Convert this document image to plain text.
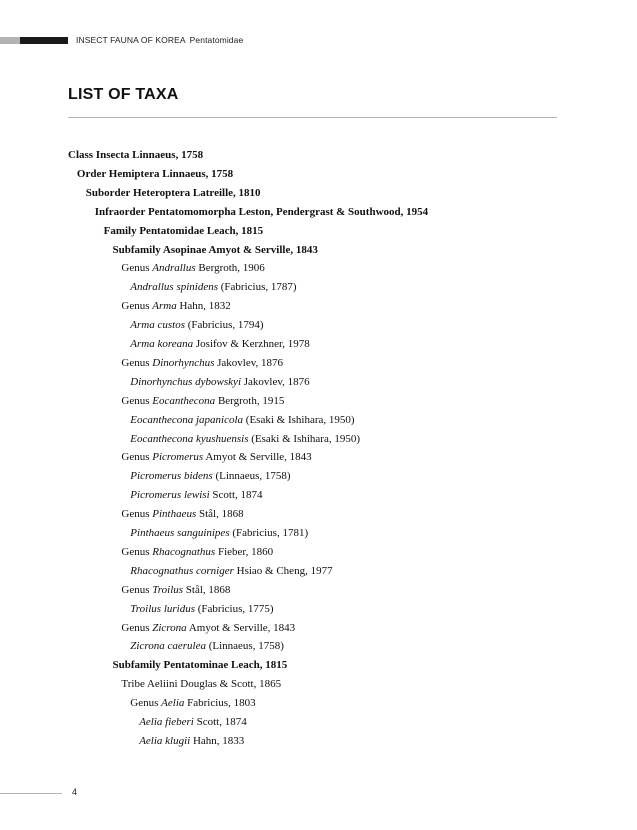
INSECT FAUNA OF KOREA Pentatomidae
LIST OF TAXA
Class Insecta Linnaeus, 1758
Order Hemiptera Linnaeus, 1758
Suborder Heteroptera Latreille, 1810
Infraorder Pentatomomorpha Leston, Pendergrast & Southwood, 1954
Family Pentatomidae Leach, 1815
Subfamily Asopinae Amyot & Serville, 1843
Genus Andrallus Bergroth, 1906
Andrallus spinidens (Fabricius, 1787)
Genus Arma Hahn, 1832
Arma custos (Fabricius, 1794)
Arma koreana Josifov & Kerzhner, 1978
Genus Dinorhynchus Jakovlev, 1876
Dinorhynchus dybowskyi Jakovlev, 1876
Genus Eocanthecona Bergroth, 1915
Eocanthecona japanicola (Esaki & Ishihara, 1950)
Eocanthecona kyushuensis (Esaki & Ishihara, 1950)
Genus Picromerus Amyot & Serville, 1843
Picromerus bidens (Linnaeus, 1758)
Picromerus lewisi Scott, 1874
Genus Pinthaeus Stål, 1868
Pinthaeus sanguinipes (Fabricius, 1781)
Genus Rhacognathus Fieber, 1860
Rhacognathus corniger Hsiao & Cheng, 1977
Genus Troilus Stål, 1868
Troilus luridus (Fabricius, 1775)
Genus Zicrona Amyot & Serville, 1843
Zicrona caerulea (Linnaeus, 1758)
Subfamily Pentatominae Leach, 1815
Tribe Aeliini Douglas & Scott, 1865
Genus Aelia Fabricius, 1803
Aelia fieberi Scott, 1874
Aelia klugii Hahn, 1833
4
